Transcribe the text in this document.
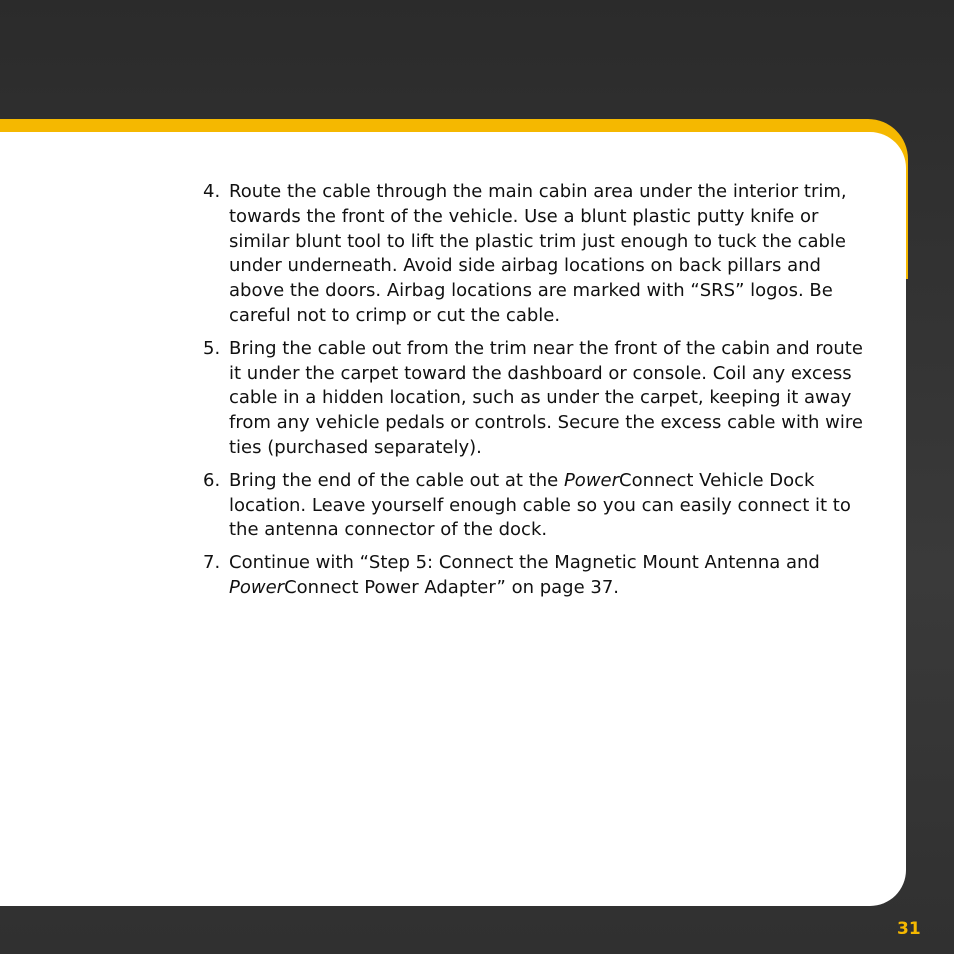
4. Route the cable through the main cabin area under the interior trim, towards the front of the vehicle. Use a blunt plastic putty knife or similar blunt tool to lift the plastic trim just enough to tuck the cable under underneath. Avoid side airbag locations on back pillars and above the doors. Airbag locations are marked with “SRS” logos. Be careful not to crimp or cut the cable.
5. Bring the cable out from the trim near the front of the cabin and route it under the carpet toward the dashboard or console. Coil any excess cable in a hidden location, such as under the carpet, keeping it away from any vehicle pedals or controls. Secure the excess cable with wire ties (purchased separately).
6. Bring the end of the cable out at the PowerConnect Vehicle Dock location. Leave yourself enough cable so you can easily connect it to the antenna connector of the dock.
7. Continue with “Step 5: Connect the Magnetic Mount Antenna and PowerConnect Power Adapter” on page 37.
31
